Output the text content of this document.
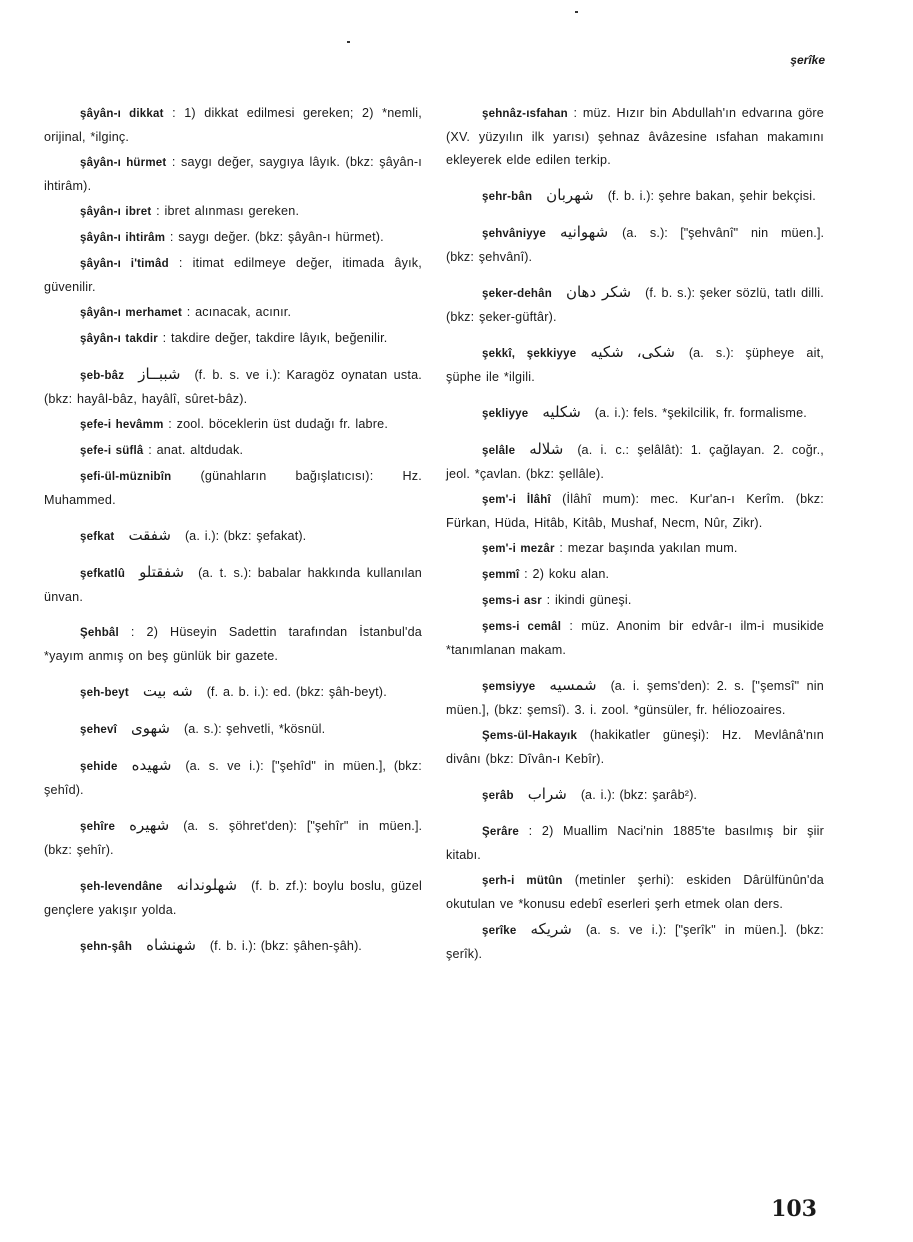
şerîke

şâyân-ı dikkat : 1) dikkat edilmesi gereken; 2) *nemli, orijinal, *ilginç.

şâyân-ı hürmet : saygı değer, saygıya lâyık. (bkz: şâyân-ı ihtirâm).

şâyân-ı ibret : ibret alınması gereken.

şâyân-ı ihtirâm : saygı değer. (bkz: şâyân-ı hürmet).

şâyân-ı i'timâd : itimat edilmeye değer, itimada âyık, güvenilir.

şâyân-ı merhamet : acınacak, acınır.

şâyân-ı takdir : takdire değer, takdire lâyık, beğenilir.

şeb-bâz شببــاز (f. b. s. ve i.): Karagöz oynatan usta. (bkz: hayâl-bâz, hayâlî, sûret-bâz).

şefe-i hevâmm : zool. böceklerin üst dudağı fr. labre.

şefe-i süflâ : anat. altdudak.

şefi-ül-müznibîn (günahların bağışlatıcısı): Hz. Muhammed.

şefkat شفقت (a. i.): (bkz: şefakat).

şefkatlû شفقتلو (a. t. s.): babalar hakkında kullanılan ünvan.

Şehbâl : 2) Hüseyin Sadettin tarafından İstanbul'da *yayım anmış on beş günlük bir gazete.

şeh-beyt شه بيت (f. a. b. i.): ed. (bkz: şâh-beyt).

şehevî شهوى (a. s.): şehvetli, *kösnül.

şehide شهيده (a. s. ve i.): ["şehîd" in müen.], (bkz: şehîd).

şehîre شهيره (a. s. şöhret'den): ["şehîr" in müen.]. (bkz: şehîr).

şeh-levendâne شهلوندانه (f. b. zf.): boylu boslu, güzel gençlere yakışır yolda.

şehn-şâh شهنشاه (f. b. i.): (bkz: şâhen-şâh).

şehnâz-ısfahan : müz. Hızır bin Abdullah'ın edvarına göre (XV. yüzyılın ilk yarısı) şehnaz âvâzesine ısfahan makamını ekleyerek elde edilen terkip.

şehr-bân شهربان (f. b. i.): şehre bakan, şehir bekçisi.

şehvâniyye شهوانيه (a. s.): ["şehvânî" nin müen.]. (bkz: şehvânî).

şeker-dehân شكر دهان (f. b. s.): şeker sözlü, tatlı dilli. (bkz: şeker-güftâr).

şekkî, şekkiyye شكى، شكيه (a. s.): şüpheye ait, şüphe ile *ilgili.

şekliyye شكليه (a. i.): fels. *şekilcilik, fr. formalisme.

şelâle شلاله (a. i. c.: şelâlât): 1. çağlayan. 2. coğr., jeol. *çavlan. (bkz: şellâle).

şem'-i İlâhî (İlâhî mum): mec. Kur'an-ı Kerîm. (bkz: Fürkan, Hüda, Hitâb, Kitâb, Mushaf, Necm, Nûr, Zikr).

şem'-i mezâr : mezar başında yakılan mum.

şemmî : 2) koku alan.

şems-i asr : ikindi güneşi.

şems-i cemâl : müz. Anonim bir edvâr-ı ilm-i musikide *tanımlanan makam.

şemsiyye شمسيه (a. i. şems'den): 2. s. ["şemsî" nin müen.], (bkz: şemsî). 3. i. zool. *günsüler, fr. héliozoaires.

Şems-ül-Hakayık (hakikatler güneşi): Hz. Mevlânâ'nın divânı (bkz: Dîvân-ı Kebîr).

şerâb شراب (a. i.): (bkz: şarâb²).

Şerâre : 2) Muallim Naci'nin 1885'te basılmış bir şiir kitabı.

şerh-i mütûn (metinler şerhi): eskiden Dârülfünûn'da okutulan ve *konusu edebî eserleri şerh etmek olan ders.

şerîke شريكه (a. s. ve i.): ["şerîk" in müen.]. (bkz: şerîk).

103
